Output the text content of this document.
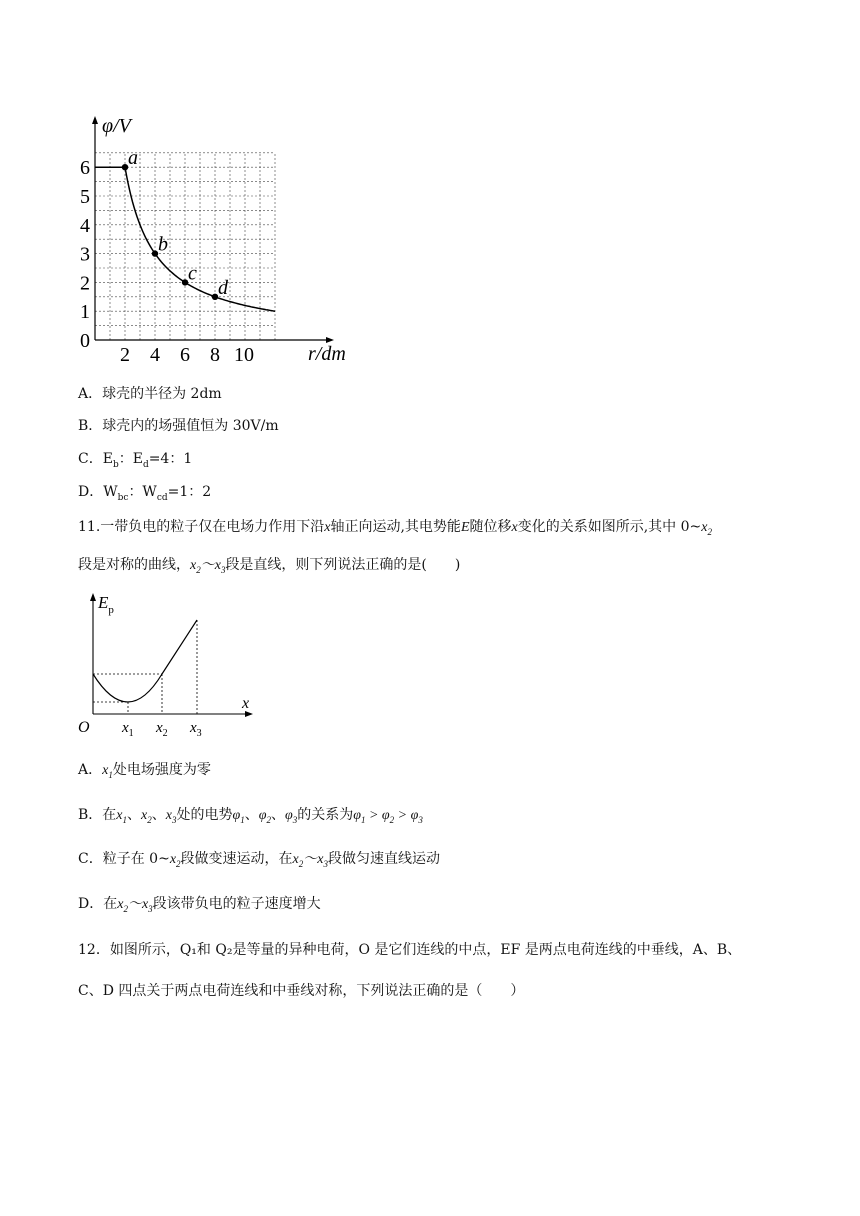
φ/V
r/dm
0
1
2
3
4
5
6
2 4 6 8 10
a
b
c
d
A．球壳的半径为 2dm
B．球壳内的场强值恒为 30V/m
C．$E_b$：$E_d=4$：1
D．$W_{bc}$：$W_{cd}=1$：2
11.一带负电的粒子仅在电场力作用下沿x轴正向运动,其电势能E随位移x变化的关系如图所示,其中 $0\sim x_2$
段是对称的曲线，$x_2\sim x_3$段是直线，则下列说法正确的是(　　)
$E_p$
x
O $x_1$ $x_2$ $x_3$
A．$x_1$处电场强度为零
B．在$x_1$、$x_2$、$x_3$处的电势$\varphi_1$、$\varphi_2$、$\varphi_3$的关系为$\varphi_1 > \varphi_2 > \varphi_3$
C．粒子在 $0\sim x_2$段做变速运动，在$x_2\sim x_3$段做匀速直线运动
D．在$x_2\sim x_3$段该带负电的粒子速度增大
12．如图所示，Q₁和 Q₂是等量的异种电荷，O 是它们连线的中点，EF 是两点电荷连线的中垂线，A、B、
C、D 四点关于两点电荷连线和中垂线对称，下列说法正确的是（　　）
